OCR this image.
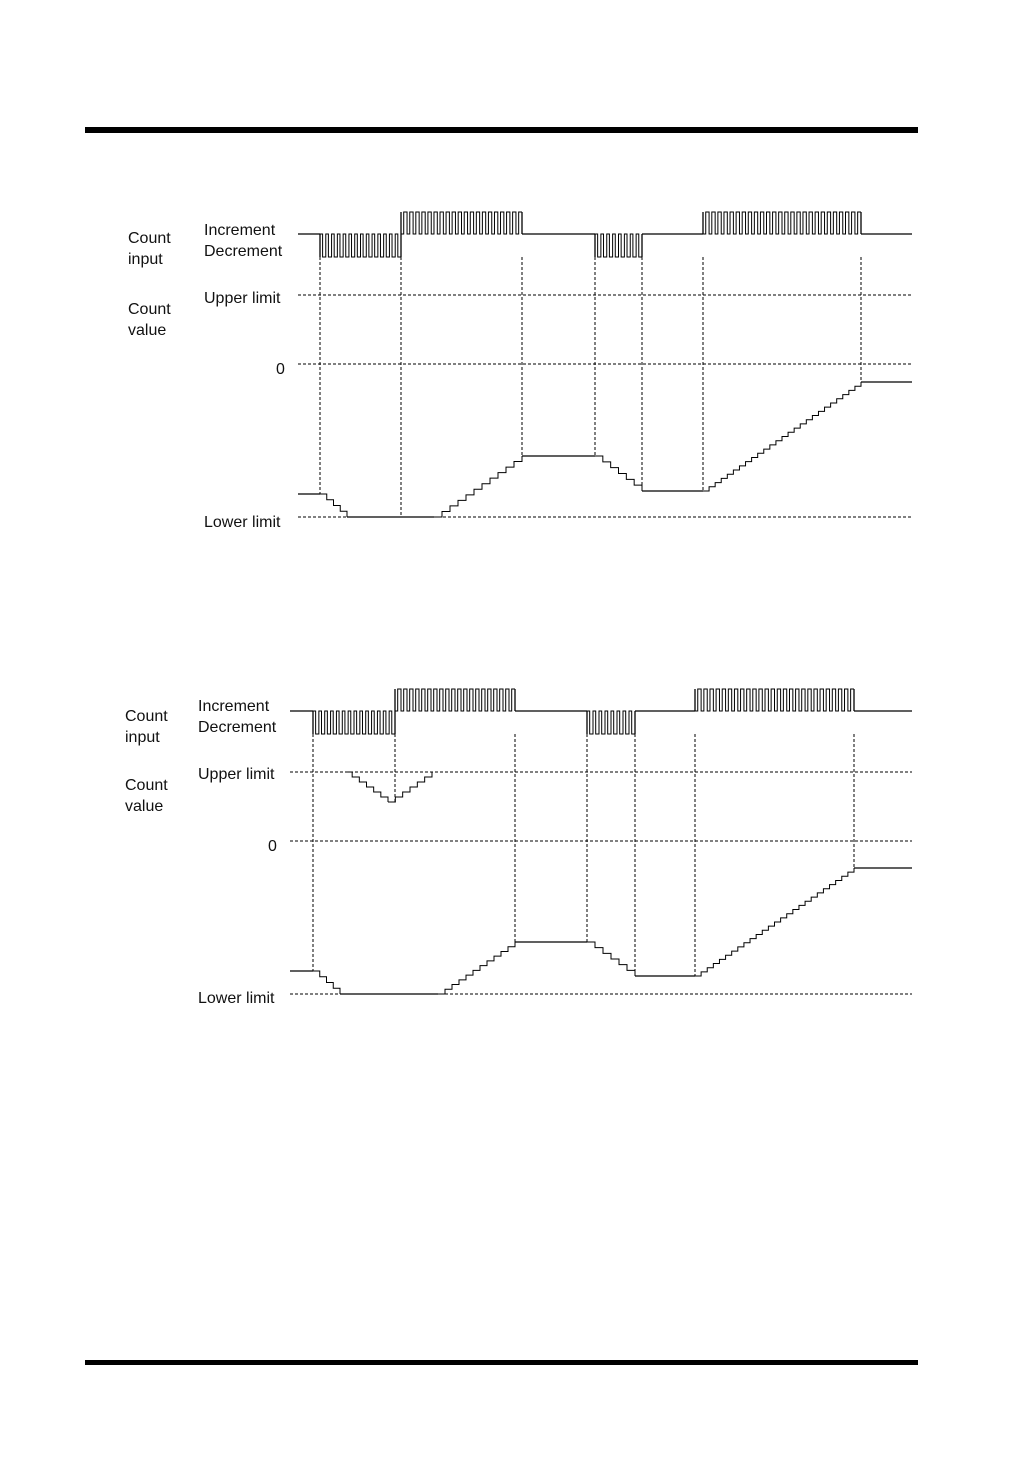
Count
input
Count
value
Increment
Decrement
Upper limit
0
Lower limit
Count
input
Count
value
Increment
Decrement
Upper limit
0
Lower limit
